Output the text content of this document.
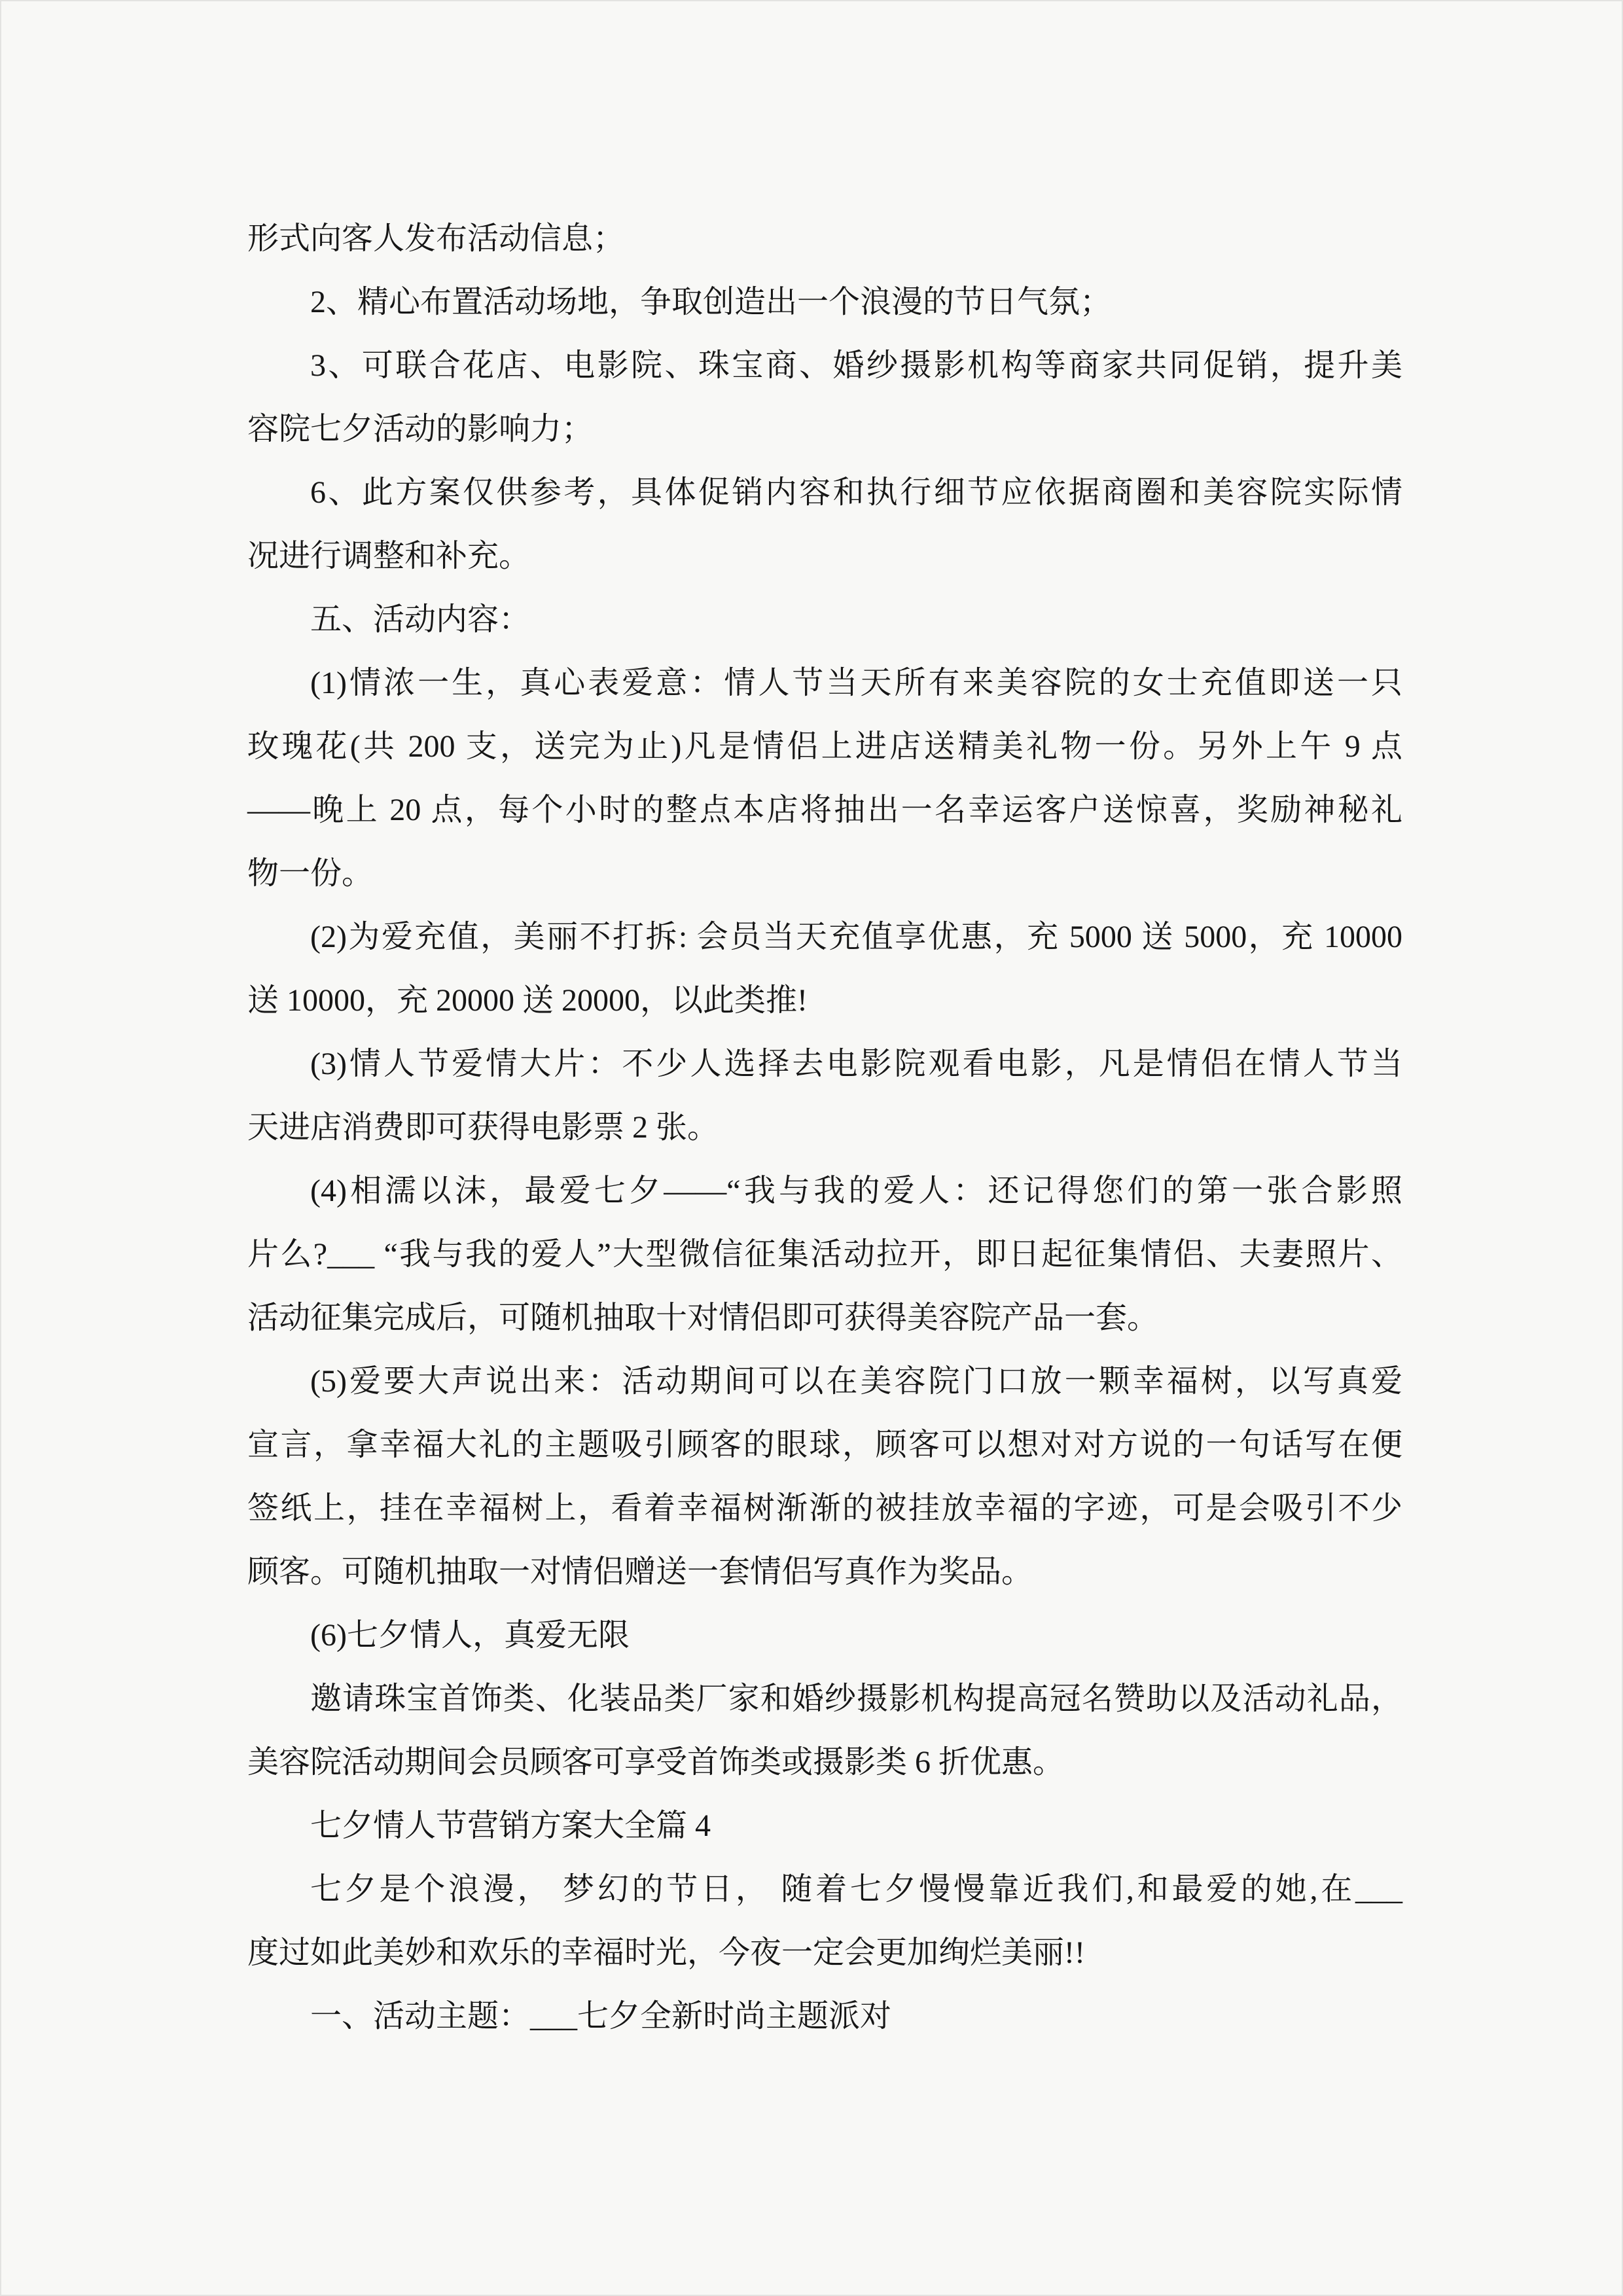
形式向客人发布活动信息；
2、精心布置活动场地，争取创造出一个浪漫的节日气氛；
3、可联合花店、电影院、珠宝商、婚纱摄影机构等商家共同促销，提升美
容院七夕活动的影响力；
6、此方案仅供参考，具体促销内容和执行细节应依据商圈和美容院实际情
况进行调整和补充。
五、活动内容：
(1)情浓一生，真心表爱意：情人节当天所有来美容院的女士充值即送一只
玫瑰花(共 200 支，送完为止)凡是情侣上进店送精美礼物一份。另外上午 9 点
——晚上 20 点，每个小时的整点本店将抽出一名幸运客户送惊喜，奖励神秘礼
物一份。
(2)为爱充值，美丽不打拆: 会员当天充值享优惠，充 5000 送 5000，充 10000
送 10000，充 20000 送 20000，以此类推!
(3)情人节爱情大片：不少人选择去电影院观看电影，凡是情侣在情人节当
天进店消费即可获得电影票 2 张。
(4)相濡以沫，最爱七夕——“我与我的爱人：还记得您们的第一张合影照
片么?___ “我与我的爱人”大型微信征集活动拉开，即日起征集情侣、夫妻照片、
活动征集完成后，可随机抽取十对情侣即可获得美容院产品一套。
(5)爱要大声说出来：活动期间可以在美容院门口放一颗幸福树，以写真爱
宣言，拿幸福大礼的主题吸引顾客的眼球，顾客可以想对对方说的一句话写在便
签纸上，挂在幸福树上，看着幸福树渐渐的被挂放幸福的字迹，可是会吸引不少
顾客。可随机抽取一对情侣赠送一套情侣写真作为奖品。
(6)七夕情人，真爱无限
邀请珠宝首饰类、化装品类厂家和婚纱摄影机构提高冠名赞助以及活动礼品，
美容院活动期间会员顾客可享受首饰类或摄影类 6 折优惠。
七夕情人节营销方案大全篇 4
七夕是个浪漫， 梦幻的节日， 随着七夕慢慢靠近我们,和最爱的她,在___
度过如此美妙和欢乐的幸福时光，今夜一定会更加绚烂美丽!!
一、活动主题：___七夕全新时尚主题派对
